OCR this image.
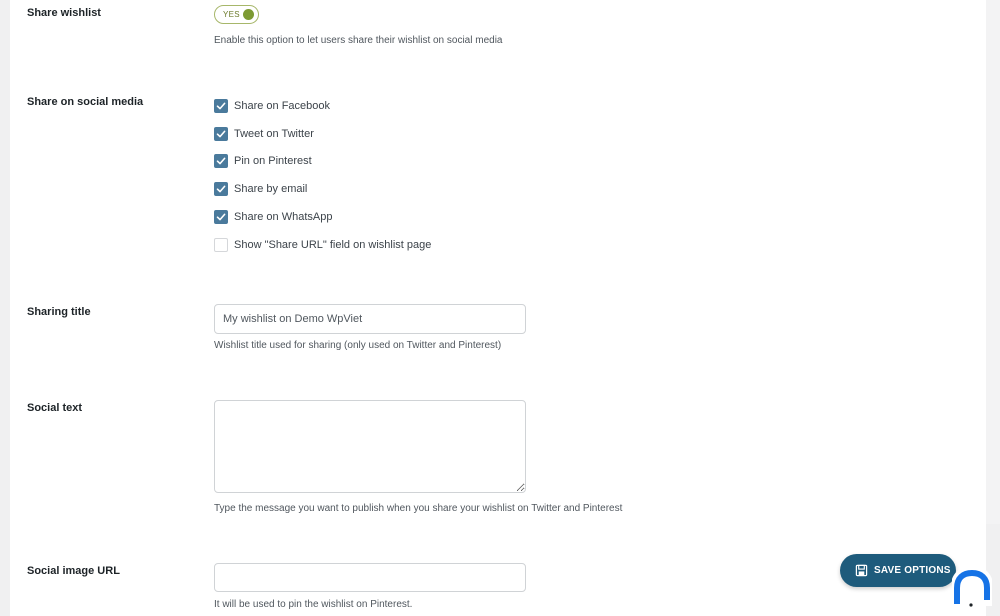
Share wishlist	YES
Enable this option to let users share their wishlist on social media
Share on social media	Share on Facebook
Tweet on Twitter
Pin on Pinterest
Share by email
Share on WhatsApp
Show "Share URL" field on wishlist page
Sharing title
My wishlist on Demo WpViet
Wishlist title used for sharing (only used on Twitter and Pinterest)
Social text
Type the message you want to publish when you share your wishlist on Twitter and Pinterest
Social image URL
It will be used to pin the wishlist on Pinterest.
SAVE OPTIONS
